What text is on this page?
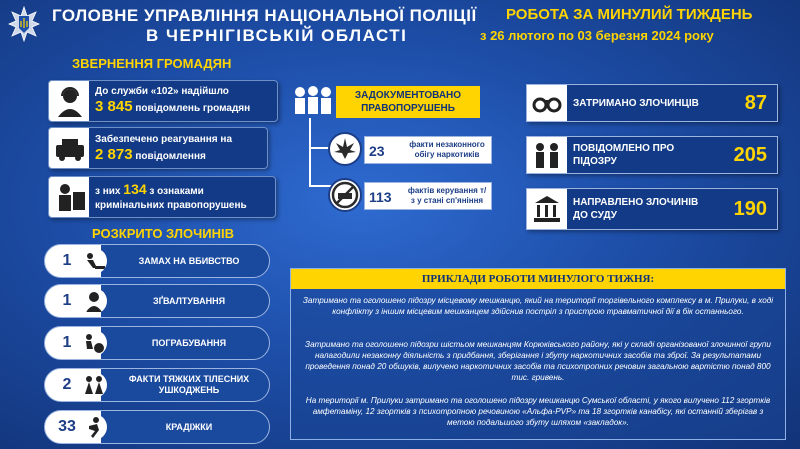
ГОЛОВНЕ УПРАВЛІННЯ НАЦІОНАЛЬНОЇ ПОЛІЦІЇ
В ЧЕРНІГІВСЬКІЙ ОБЛАСТІ
РОБОТА ЗА МИНУЛИЙ ТИЖДЕНЬ
з 26 лютого по 03 березня 2024 року
ЗВЕРНЕННЯ ГРОМАДЯН
До служби «102» надійшло
3 845 повідомлень громадян
Забезпечено реагування на
2 873 повідомлення
з них 134 з ознаками
кримінальних правопорушень
РОЗКРИТО ЗЛОЧИНІВ
1	ЗАМАХ НА ВБИВСТВО
1	ЗҐВАЛТУВАННЯ
1	ПОГРАБУВАННЯ
2	ФАКТИ ТЯЖКИХ ТІЛЕСНИХ УШКОДЖЕНЬ
33	КРАДІЖКИ
ЗАДОКУМЕНТОВАНО ПРАВОПОРУШЕНЬ
23	факти незаконного обігу наркотиків
113 фактів керування т/з у стані сп'яніння
ЗАТРИМАНО ЗЛОЧИНЦІВ 87
ПОВІДОМЛЕНО ПРО ПІДОЗРУ	205
НАПРАВЛЕНО ЗЛОЧИНІВ ДО СУДУ	190
ПРИКЛАДИ РОБОТИ МИНУЛОГО ТИЖНЯ:
Затримано та оголошено підозру місцевому мешканцю, який на території торгівельного комплексу в м. Прилуки, в ході конфлікту з іншим місцевим мешканцем здійснив постріл з пристрою травматичної дії в бік останнього.
Затримано та оголошено підозри шістьом мешканцям Корюківського району, які у складі організованої злочинної групи налагодили незаконну діяльність з придбання, зберігання і збуту наркотичних засобів та зброї. За результатами проведення понад 20 обшуків, вилучено наркотичних засобів та психотропних речовин загальною вартістю понад 800 тис. гривень.
На території м. Прилуки затримано та оголошено підозру мешканцю Сумської області, у якого вилучено 112 згортків амфетаміну, 12 згортків з психотропною речовиною «Альфа-PVP» та 18 згортків канабісу, які останній зберігав з метою подальшого збуту шляхом «закладок».
